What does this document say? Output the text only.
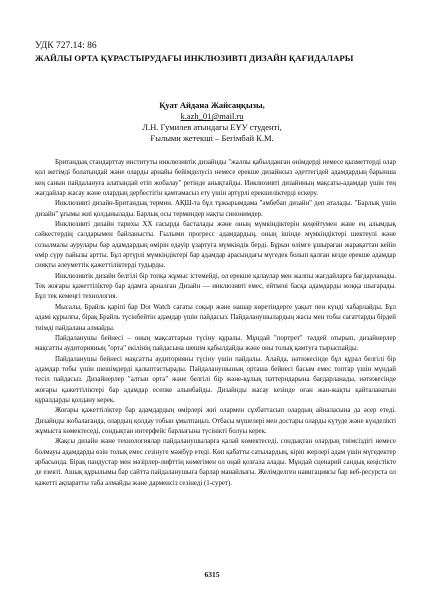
УДК 727.14: 86
ЖАЙЛЫ ОРТА ҚҰРАСТЫРУДАҒЫ ИНКЛЮЗИВТІ ДИЗАЙН ҚАҒИДАЛАРЫ
Қуат Айдана Жайсаңқызы,
k.azh_01@mail.ru
Л.Н. Гумилев атындағы ЕҰУ студенті,
Ғылыми жетекші – Бегімбай К.М.

Британдық стандарттау институты инклюзивтік дизайнды "жалпы қабылданған өнімдерді немесе қызметтерді олар қол жетімді болатындай және оларды арнайы бейімделусіз немесе ерекше дизайнсыз әдеттегідей адамдардың барынша кең санын пайдалануға алатындай етіп жобалау" ретінде анықтайды. Инклюзивті дизайнның мақсаты-адамдар үшін тең жағдайлар жасау және олардың дербестігін қамтамасыз ету үшін әртүрлі ерекшеліктерді ескеру.

Инклюзивті дизайн-Британдық термин. АҚШ-та бұл тұжырымдама "әмбебап дизайн" деп аталады. "Барлық үшін дизайн" ұғымы жиі қолданылады. Барлық осы терминдер нақты синонимдер.

Инклюзивті дизайн тарихы XX ғасырда басталады және оның мүмкіндіктерін кеңейтумен және ең алымдық сәйкестердің салдарымен байланысты. Ғылыми прогресс адамдардың, оның ішінде мүмкіндіктері шектеулі және созылмалы аурулары бар адамдардың өмірін едәуір ұзартуға мүмкіндік берді. Бұрын өлімге ұшыраған жарақаттан кейін өмір сүру пайызы артты. Бұл әртүрлі мүмкіндіктері бар адамдар арасындағы мүгедек болып қалған кезде ерекше адамдар сияқты әлеуметтік қажеттіліктерді тудырды.

Инклюзивтік дизайн белгілі бір топқа жұмыс істемейді, ол ерекше қалаулар мен жалпы жағдайларға бағдарланады. Тек жоғары қажеттіліктер бар адамға арналған Дизайн — инклюзивті емес, ейткені басқа адамдарды жоққа шығарады. Бұл тек кемеңгі технология.

Мысалы, Брайль қаріпі бар Dot Watch сағаты соқыр және нашар көретіндерге уақыт пен күнді хабарлайды. Бұл адамі құрылғы, бірақ Брайль түсінбейтін адамдар үшін пайдасыз. Пайдаланушылардың жасы мен тобы сағаттарды бірдей тиімді пайдалана алмайды.

Пайдаланушы бейнесі – оның мақсаттарын түсіну құралы. Мұндай "портрет" тәлдей отырып, дизайнерлер мақсатты аудиторияның "орта" екілінің пайдасына шешім қабылдайды және оны толық қамтуға тырыспайды.

Пайдаланушы бейнесі мақсатты аудиторияны түсіну үшін пайдалы. Алайда, нәтижесінде бұл құрал белгілі бір адамдар тобы үшін шешімдерді қалыптастырады. Пайдаланушының орташа бейнесі басым емес топтар үшін мүндай тесіл пайдасыз. Дизайнерлер "алтын орта" және белгілі бір және-құлық паттерндарына бағдарланады, нәтижесінде жоғары қажеттіліктері бар адамдар есепке алынбайды. Дизайнды жасау кезінде оған жан-жақты қайталанатын құралдарды қолдану керек.

Жоғары қажеттіліктер бар адамдардың өмірлері жиі олармен сұхбаттасып олардың айналасына да әсер етеді. Дизайнды жобалағанда, олардың қолдау тобын ұмытпаңыз. Отбасы мүшелері мен достары оларды күтуде және күнделікті жұмыста көмектеседі, сондықтан интерфейс барлығына түсінікті болуы керек.

Жақсы дизайн және технологиялар пайдаланушыларға қалай көмектеседі, сондықтан олардың тиімсіздігі немесе болмауы адамдарды өзін толық емес сезінуге мәжбүр етеді. Көп қабатты сатылардың, кіріп жерлері адам үшін мүгедектер арбасында. Бірақ пандустар мен мәзірлер-лифттің көмегімен ол оңай қозғала алады. Мұндай сценарий сандық кеңістікте де езекті. Ашық құрылымы бар сайтта пайдаланушыға барлар манайлығы. Желімделген навигациясы бар веб-ресурста ол қажетті ақпаратты таба алмайды және дарменсіз сезінеді (1-сурет).

6315
